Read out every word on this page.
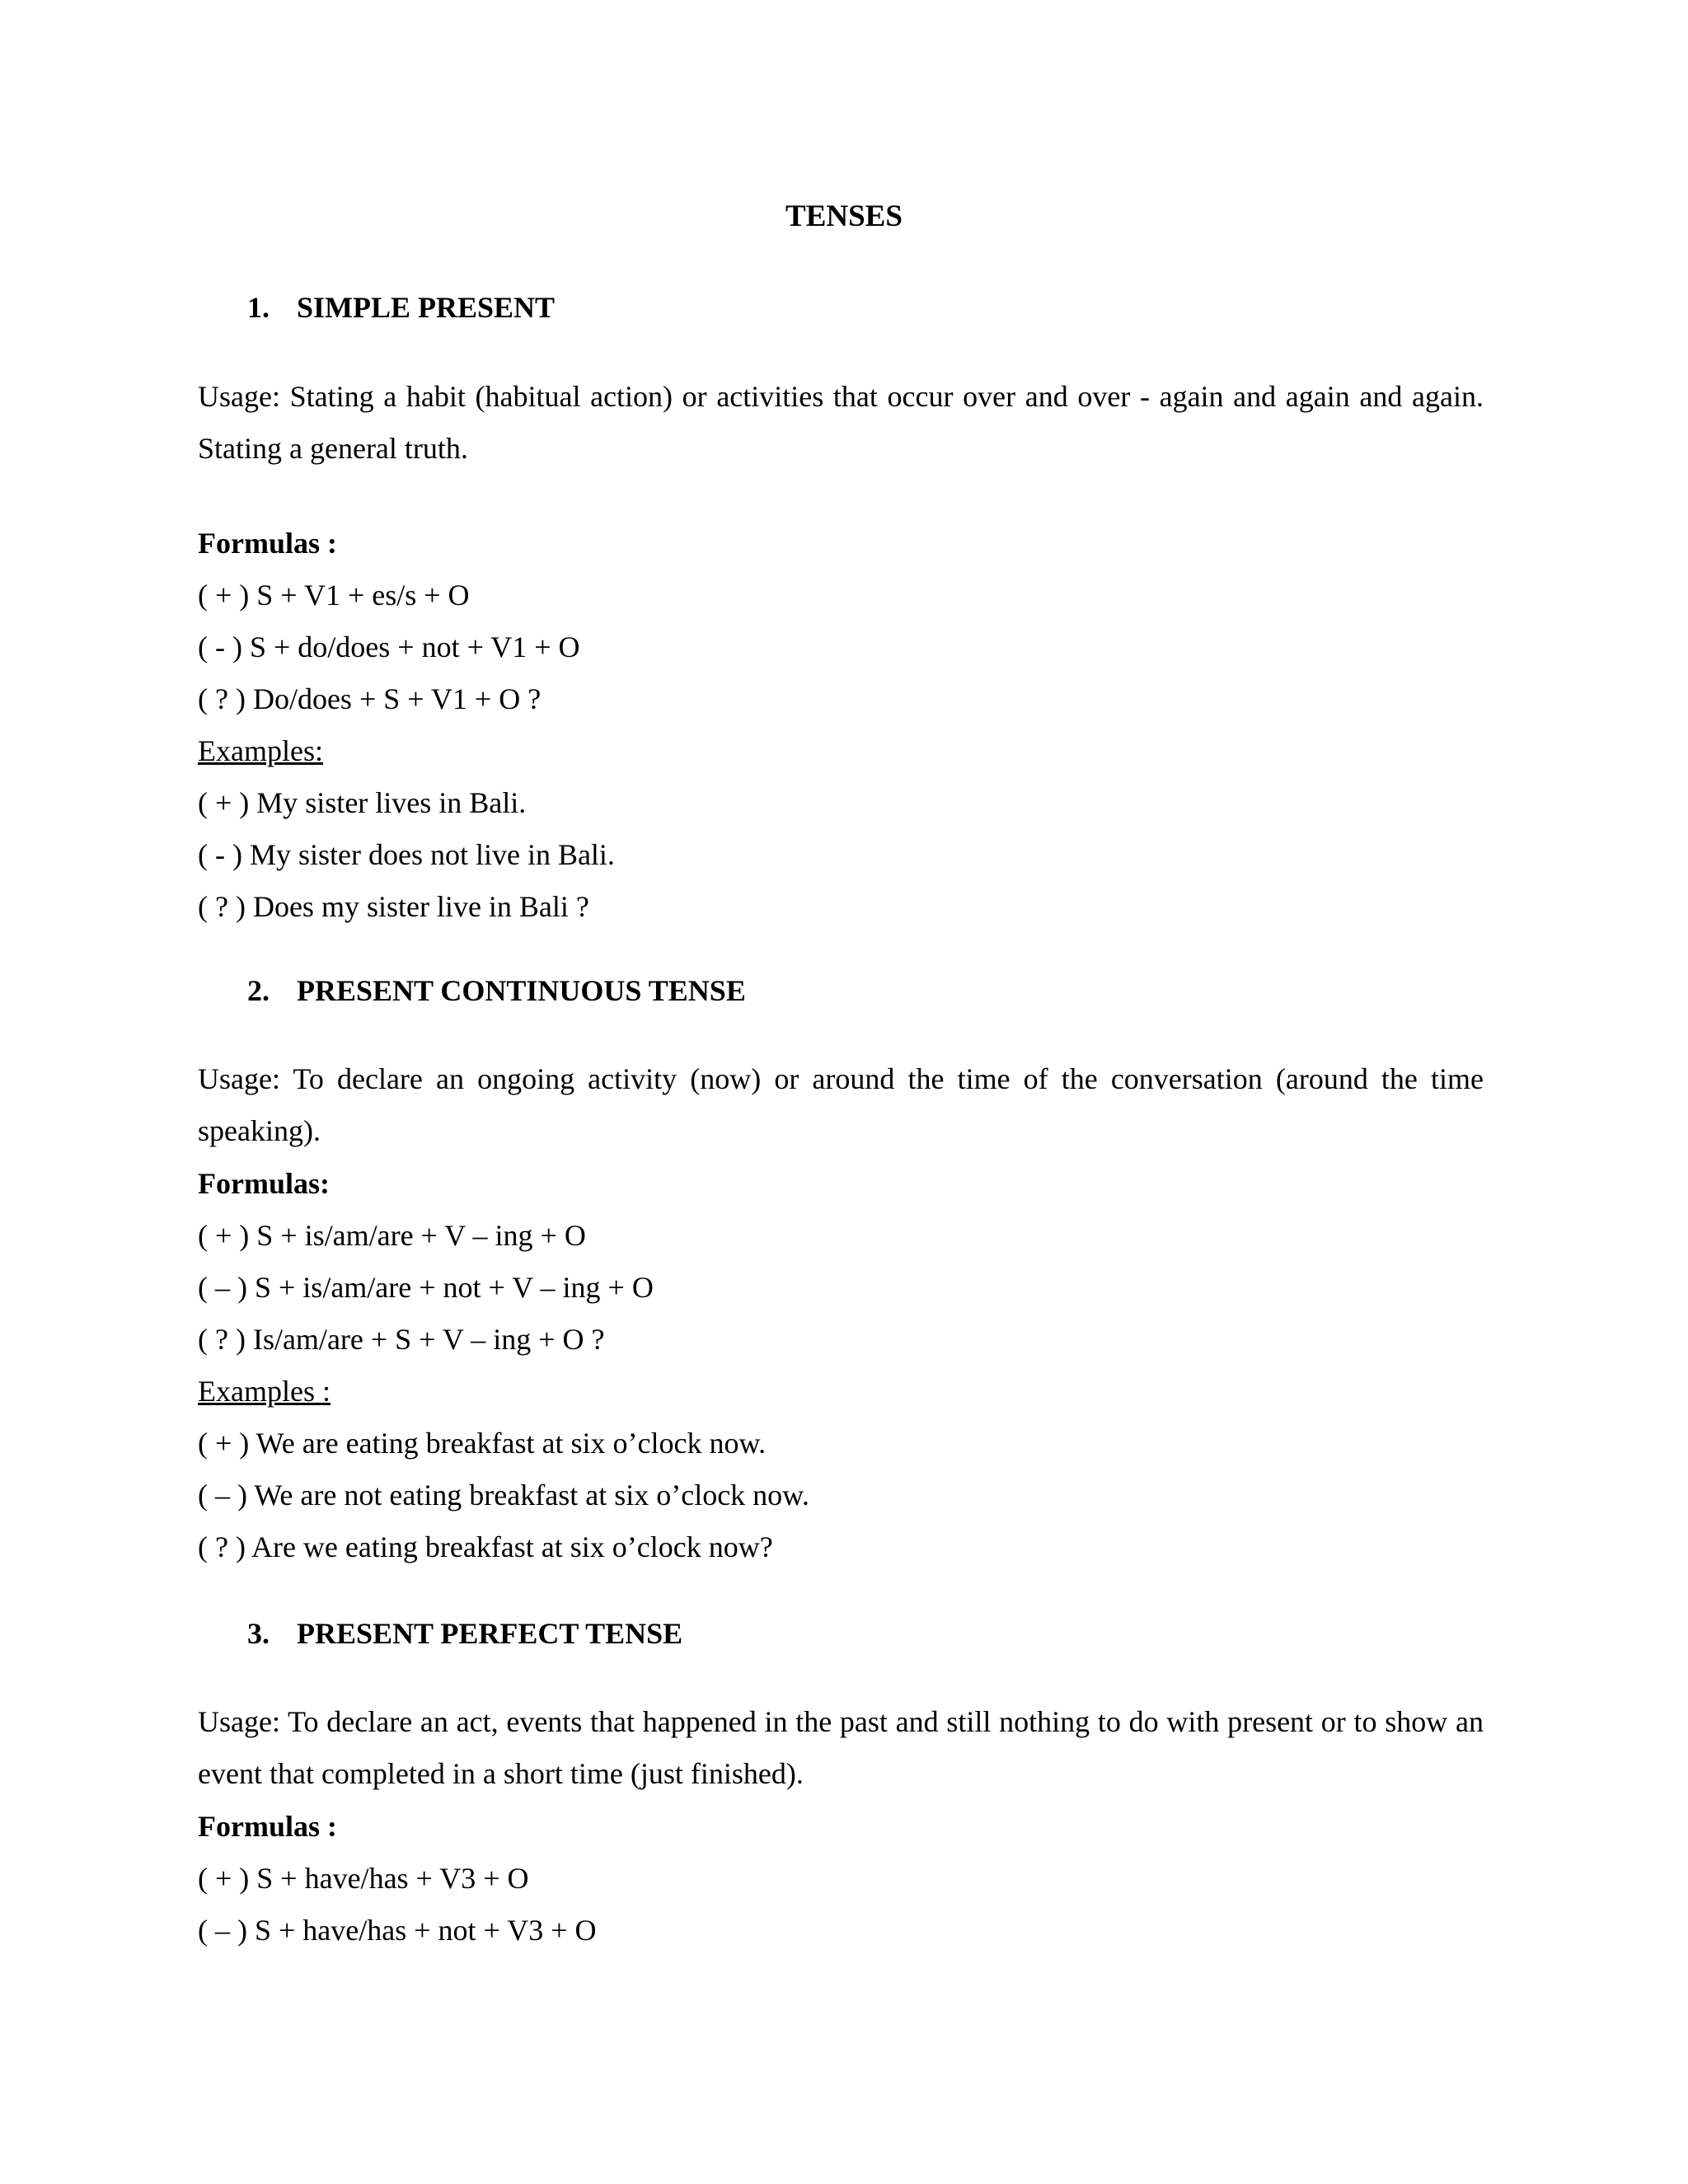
TENSES
1. SIMPLE PRESENT
Usage: Stating a habit (habitual action) or activities that occur over and over - again and again and again. Stating a general truth.
Formulas :
( + ) S + V1 + es/s + O
( - ) S + do/does + not + V1 + O
( ? ) Do/does + S + V1 + O ?
Examples:
( + ) My sister lives in Bali.
( - ) My sister does not live in Bali.
( ? ) Does my sister live in Bali ?
2. PRESENT CONTINUOUS TENSE
Usage: To declare an ongoing activity (now) or around the time of the conversation (around the time speaking).
Formulas:
( + ) S + is/am/are + V – ing + O
( – ) S + is/am/are + not + V – ing + O
( ? ) Is/am/are + S + V – ing + O ?
Examples :
( + ) We are eating breakfast at six o’clock now.
( – ) We are not eating breakfast at six o’clock now.
( ? ) Are we eating breakfast at six o’clock now?
3. PRESENT PERFECT TENSE
Usage: To declare an act, events that happened in the past and still nothing to do with present or to show an event that completed in a short time (just finished).
Formulas :
( + ) S + have/has + V3 + O
( – ) S + have/has + not + V3 + O
